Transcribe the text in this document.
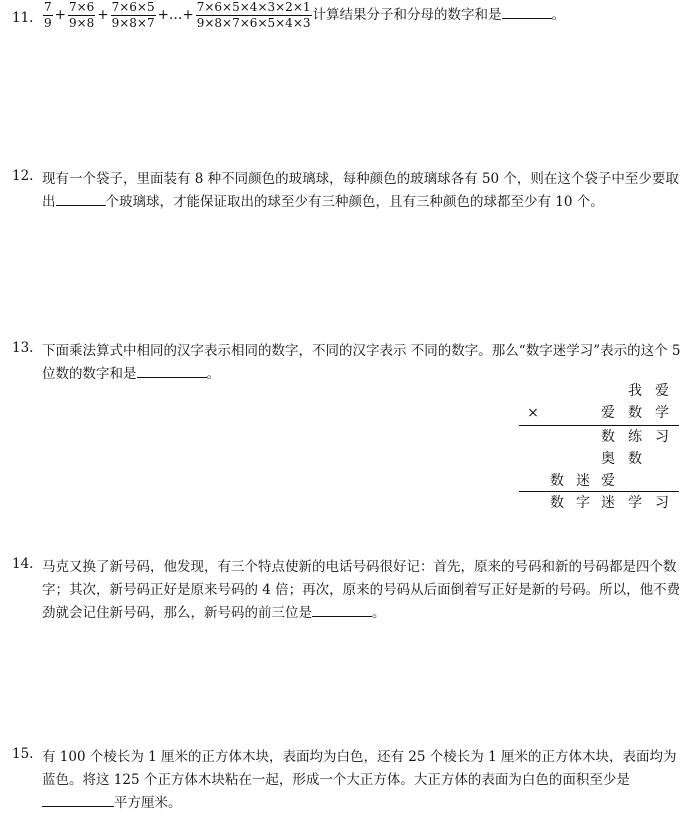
11. $\frac{7}{9} + \frac{7\times 6}{9\times 8} + \frac{7\times 6\times 5}{9\times 8\times 7}$ +…+ $\frac{7\times 6\times 5\times 4\times 3\times 2\times 1}{9\times 8\times 7\times 6\times 5\times 4\times 3}$ 计算结果分子和分母的数字和是	。
12. 现有一个袋子，里面装有 8 种不同颜色的玻璃球，每种颜色的玻璃球各有 50 个，则在这个袋子中至少要取出	个玻璃球，才能保证取出的球至少有三种颜色，且有三种颜色的球都至少有 10 个。
13. 下面乘法算式中相同的汉字表示相同的数字，不同的汉字表示 不同的数字。那么“数字迷学习”表示的这个 5 位数的数字和是	。
我 爱
×	爱 数 学
数 练 习
奥 数
数 迷 爱
数 字 迷 学 习
14. 马克又换了新号码，他发现，有三个特点使新的电话号码很好记：首先，原来的号码和新的号码都是四个数字；其次，新号码正好是原来号码的 4 倍；再次，原来的号码从后面倒着写正好是新的号码。所以，他不费劲就会记住新号码，那么，新号码的前三位是	。
15. 有 100 个棱长为 1 厘米的正方体木块，表面均为白色，还有 25 个棱长为 1 厘米的正方体木块，表面均为蓝色。将这 125 个正方体木块粘在一起，形成一个大正方体。大正方体的表面为白色的面积至少是平方厘米。
